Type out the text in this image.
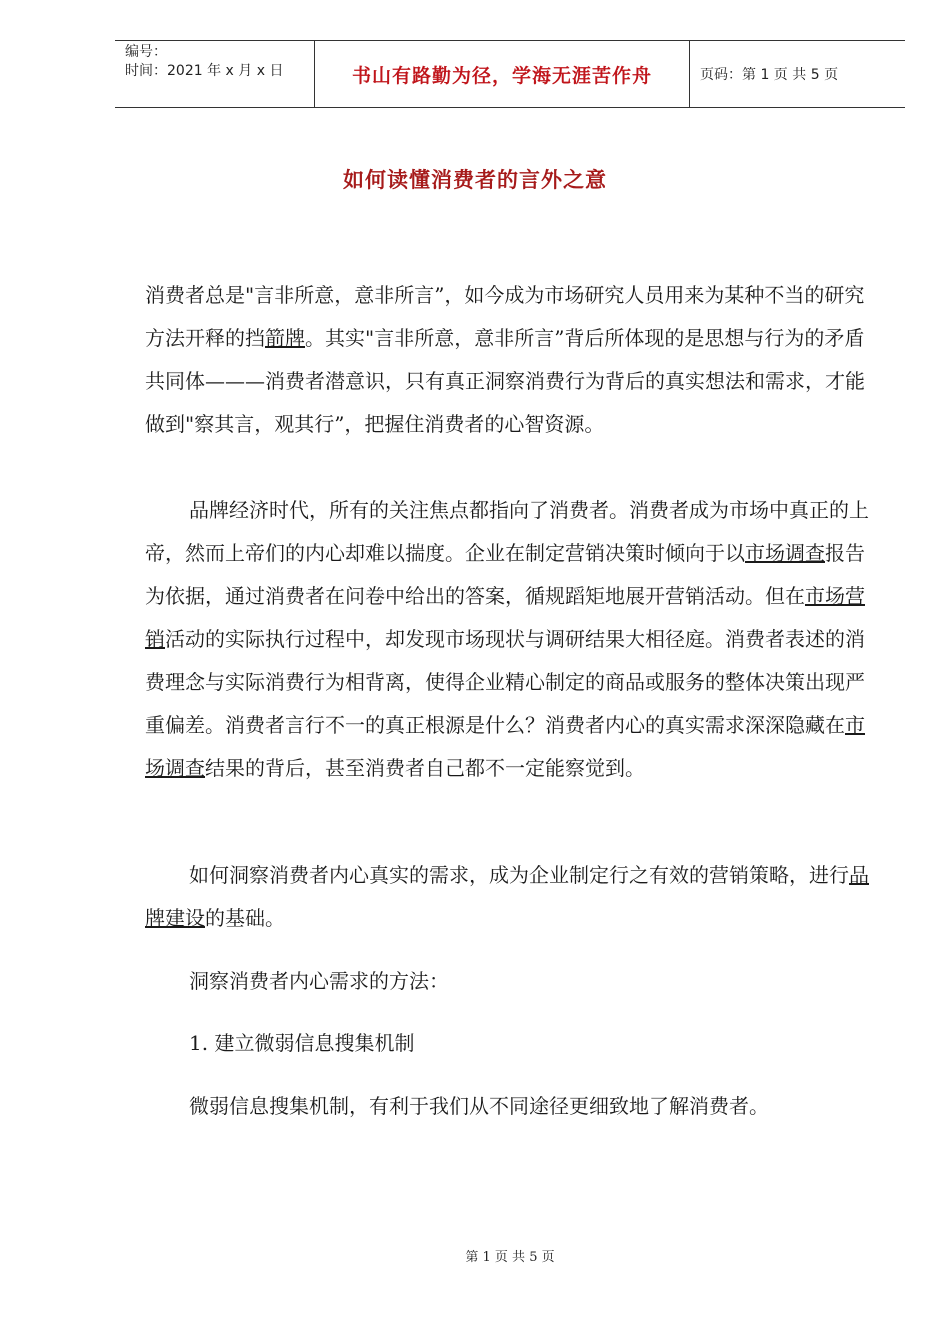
编号：
时间：2021 年 x 月 x 日	书山有路勤为径，学海无涯苦作舟	页码：第 1 页 共 5 页
如何读懂消费者的言外之意
消费者总是"言非所意，意非所言”，如今成为市场研究人员用来为某种不当的研究方法开释的挡箭牌。其实"言非所意，意非所言”背后所体现的是思想与行为的矛盾共同体———消费者潜意识，只有真正洞察消费行为背后的真实想法和需求，才能做到"察其言，观其行”，把握住消费者的心智资源。
品牌经济时代，所有的关注焦点都指向了消费者。消费者成为市场中真正的上帝，然而上帝们的内心却难以揣度。企业在制定营销决策时倾向于以市场调查报告为依据，通过消费者在问卷中给出的答案，循规蹈矩地展开营销活动。但在市场营销活动的实际执行过程中，却发现市场现状与调研结果大相径庭。消费者表述的消费理念与实际消费行为相背离，使得企业精心制定的商品或服务的整体决策出现严重偏差。消费者言行不一的真正根源是什么？消费者内心的真实需求深深隐藏在市场调查结果的背后，甚至消费者自己都不一定能察觉到。
如何洞察消费者内心真实的需求，成为企业制定行之有效的营销策略，进行品牌建设的基础。
洞察消费者内心需求的方法：
1. 建立微弱信息搜集机制
微弱信息搜集机制，有利于我们从不同途径更细致地了解消费者。
第 1 页 共 5 页
